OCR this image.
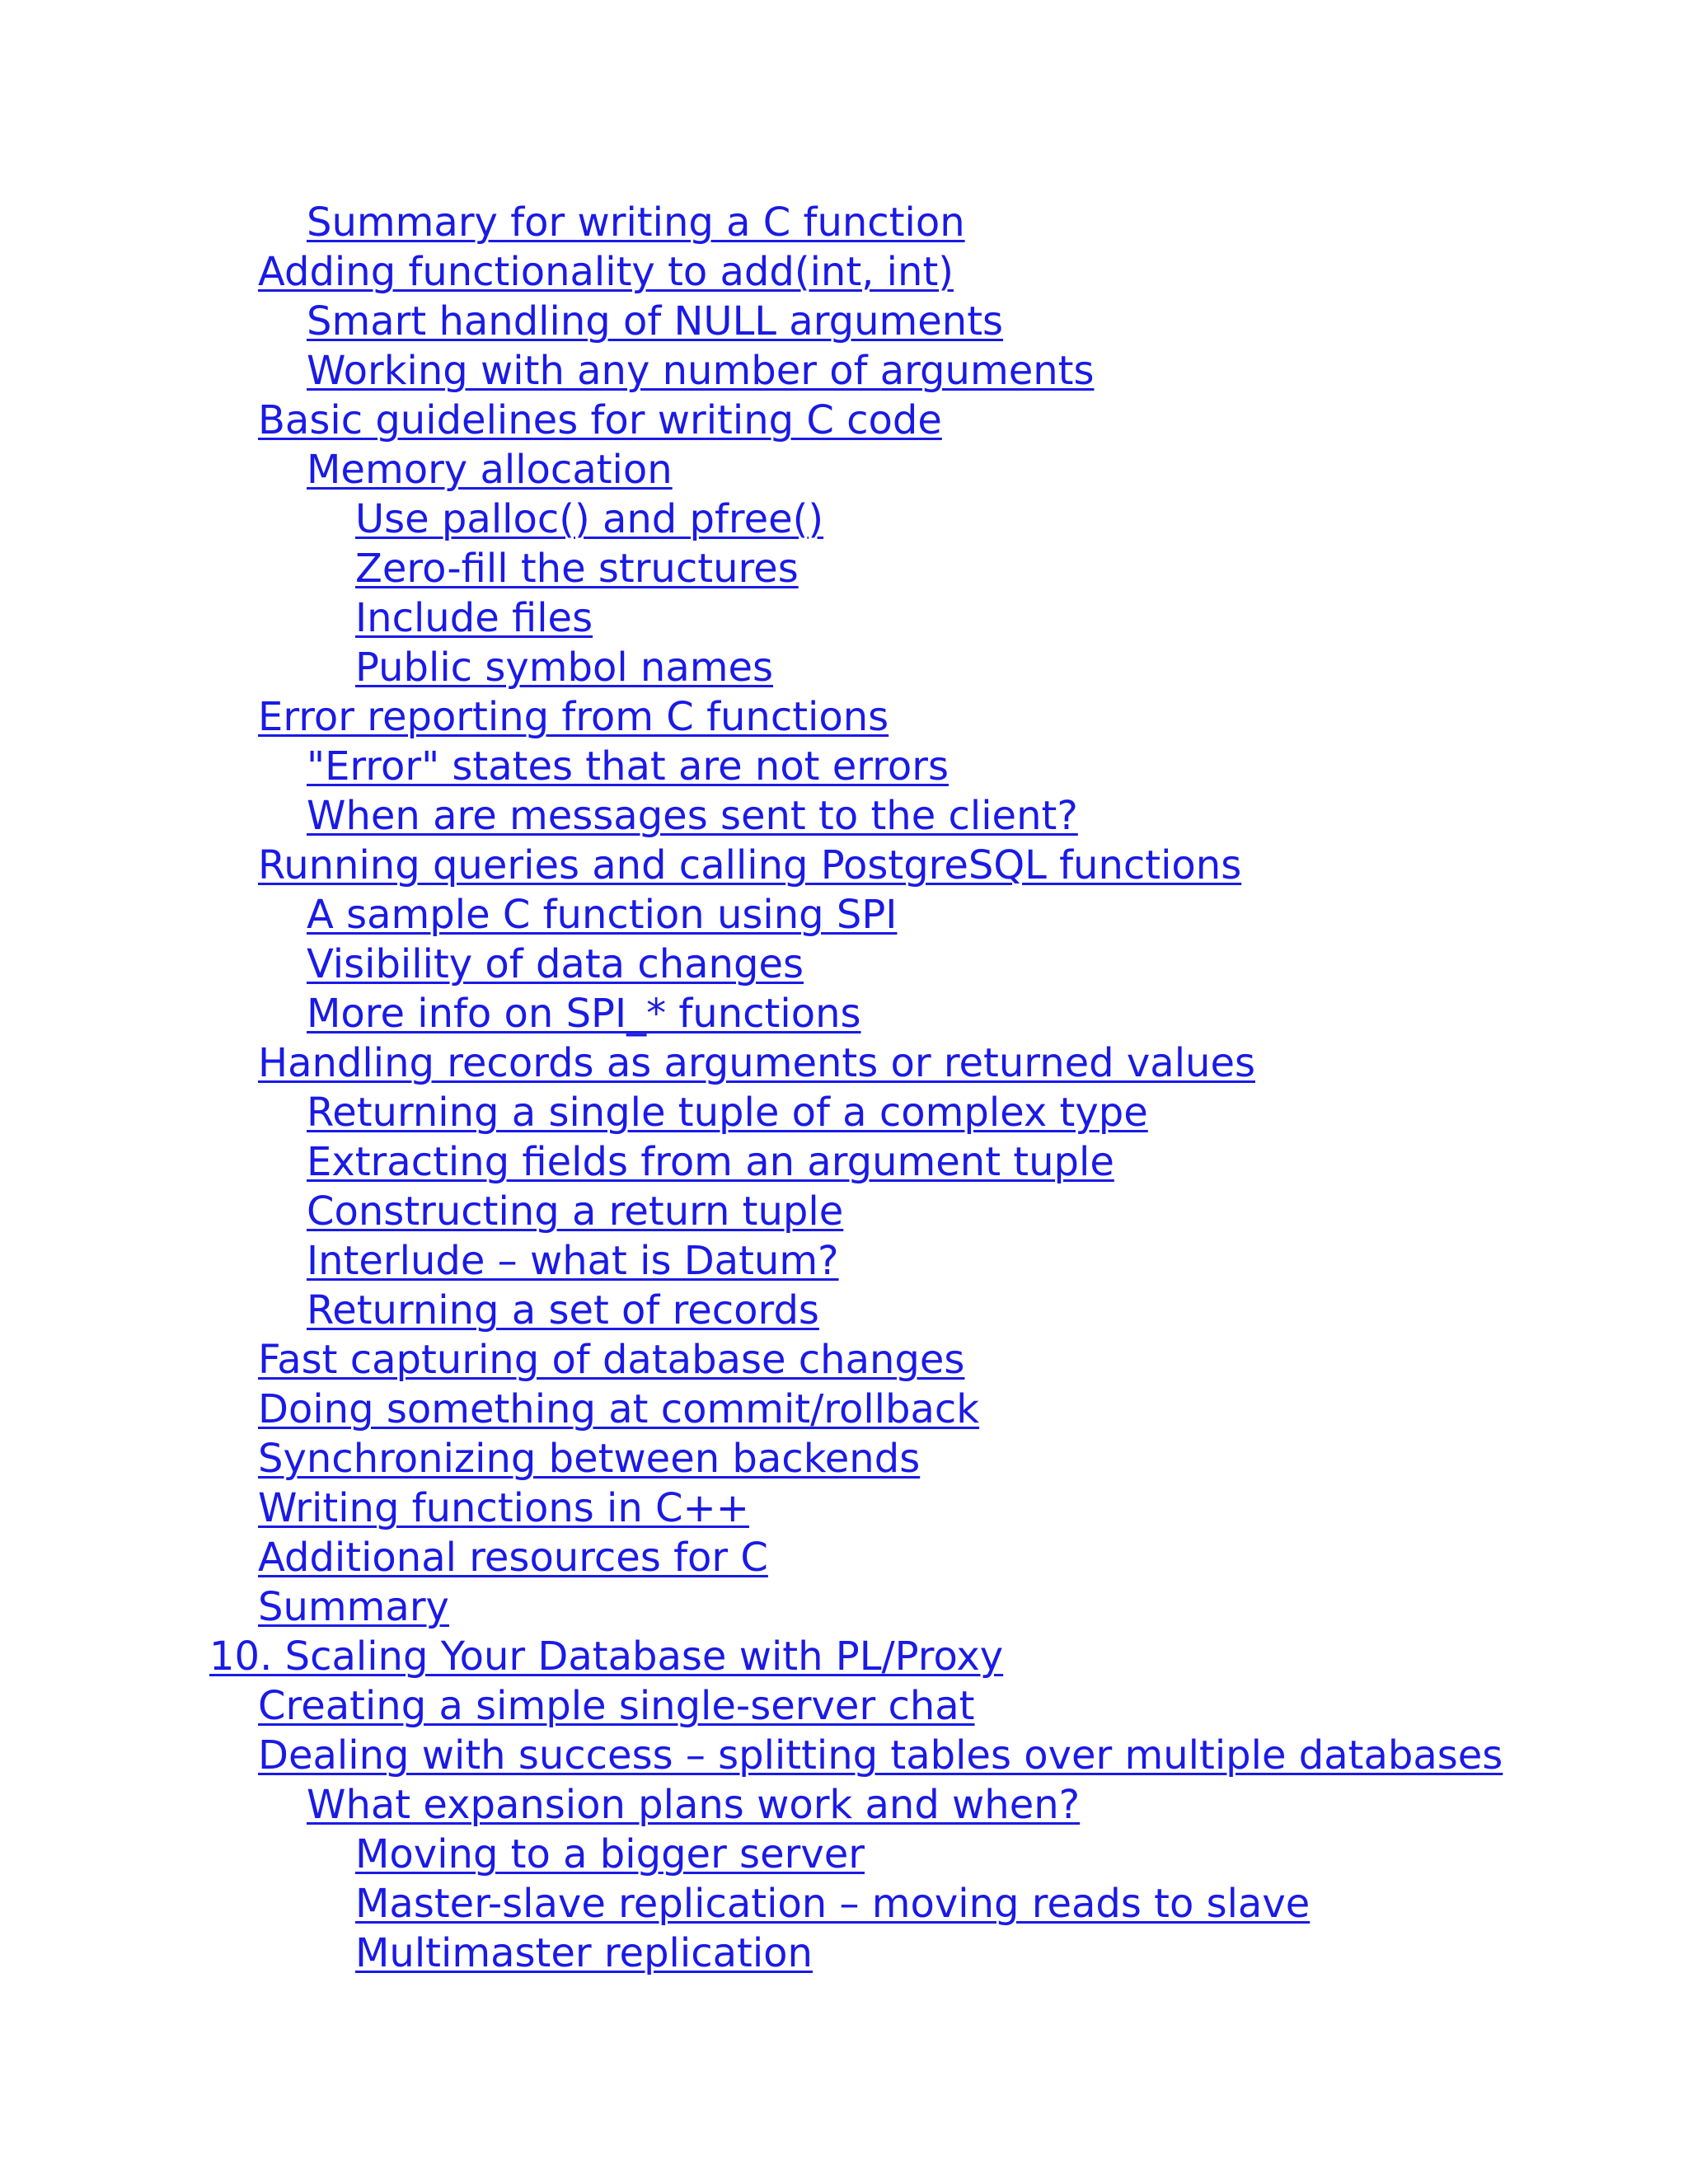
Summary for writing a C function
Adding functionality to add(int, int)
Smart handling of NULL arguments
Working with any number of arguments
Basic guidelines for writing C code
Memory allocation
Use palloc() and pfree()
Zero-fill the structures
Include files
Public symbol names
Error reporting from C functions
"Error" states that are not errors
When are messages sent to the client?
Running queries and calling PostgreSQL functions
A sample C function using SPI
Visibility of data changes
More info on SPI_* functions
Handling records as arguments or returned values
Returning a single tuple of a complex type
Extracting fields from an argument tuple
Constructing a return tuple
Interlude – what is Datum?
Returning a set of records
Fast capturing of database changes
Doing something at commit/rollback
Synchronizing between backends
Writing functions in C++
Additional resources for C
Summary
10. Scaling Your Database with PL/Proxy
Creating a simple single-server chat
Dealing with success – splitting tables over multiple databases
What expansion plans work and when?
Moving to a bigger server
Master-slave replication – moving reads to slave
Multimaster replication
